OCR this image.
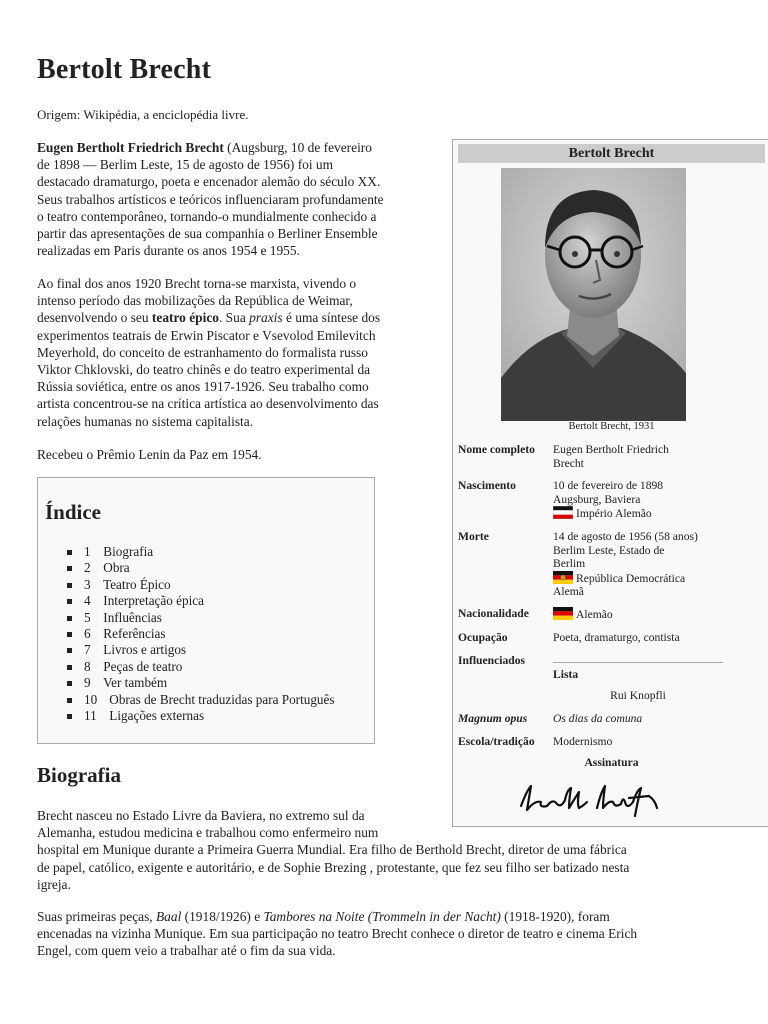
Bertolt Brecht
Origem: Wikipédia, a enciclopédia livre.
Eugen Bertholt Friedrich Brecht (Augsburg, 10 de fevereiro
de 1898 — Berlim Leste, 15 de agosto de 1956) foi um
destacado dramaturgo, poeta e encenador alemão do século XX.
Seus trabalhos artísticos e teóricos influenciaram profundamente
o teatro contemporâneo, tornando-o mundialmente conhecido a
partir das apresentações de sua companhia o Berliner Ensemble
realizadas em Paris durante os anos 1954 e 1955.
Ao final dos anos 1920 Brecht torna-se marxista, vivendo o
intenso período das mobilizações da República de Weimar,
desenvolvendo o seu teatro épico. Sua praxis é uma síntese dos
experimentos teatrais de Erwin Piscator e Vsevolod Emilevitch
Meyerhold, do conceito de estranhamento do formalista russo
Viktor Chklovski, do teatro chinês e do teatro experimental da
Rússia soviética, entre os anos 1917-1926. Seu trabalho como
artista concentrou-se na crítica artística ao desenvolvimento das
relações humanas no sistema capitalista.
Recebeu o Prêmio Lenin da Paz em 1954.
Índice
1 Biografia
2 Obra
3 Teatro Épico
4 Interpretação épica
5 Influências
6 Referências
7 Livros e artigos
8 Peças de teatro
9 Ver também
10 Obras de Brecht traduzidas para Português
11 Ligações externas
Biografia
Brecht nasceu no Estado Livre da Baviera, no extremo sul da
Alemanha, estudou medicina e trabalhou como enfermeiro num
hospital em Munique durante a Primeira Guerra Mundial. Era filho de Berthold Brecht, diretor de uma fábrica
de papel, católico, exigente e autoritário, e de Sophie Brezing , protestante, que fez seu filho ser batizado nesta
igreja.
Suas primeiras peças, Baal (1918/1926) e Tambores na Noite (Trommeln in der Nacht) (1918-1920), foram
encenadas na vizinha Munique. Em sua participação no teatro Brecht conhece o diretor de teatro e cinema Erich
Engel, com quem veio a trabalhar até o fim da sua vida.
Bertolt Brecht
Bertolt Brecht, 1931
Nome completo Eugen Bertholt Friedrich
Brecht
Nascimento	10 de fevereiro de 1898
Augsburg, Baviera
Império Alemão
Morte	14 de agosto de 1956 (58 anos)
Berlim Leste, Estado de
Berlim
República Democrática
Alemã
Nacionalidade	Alemão
Ocupação	Poeta, dramaturgo, contista
Influenciados
Lista
Rui Knopfli
Magnum opus Os dias da comuna
Escola/tradição Modernismo
Assinatura
